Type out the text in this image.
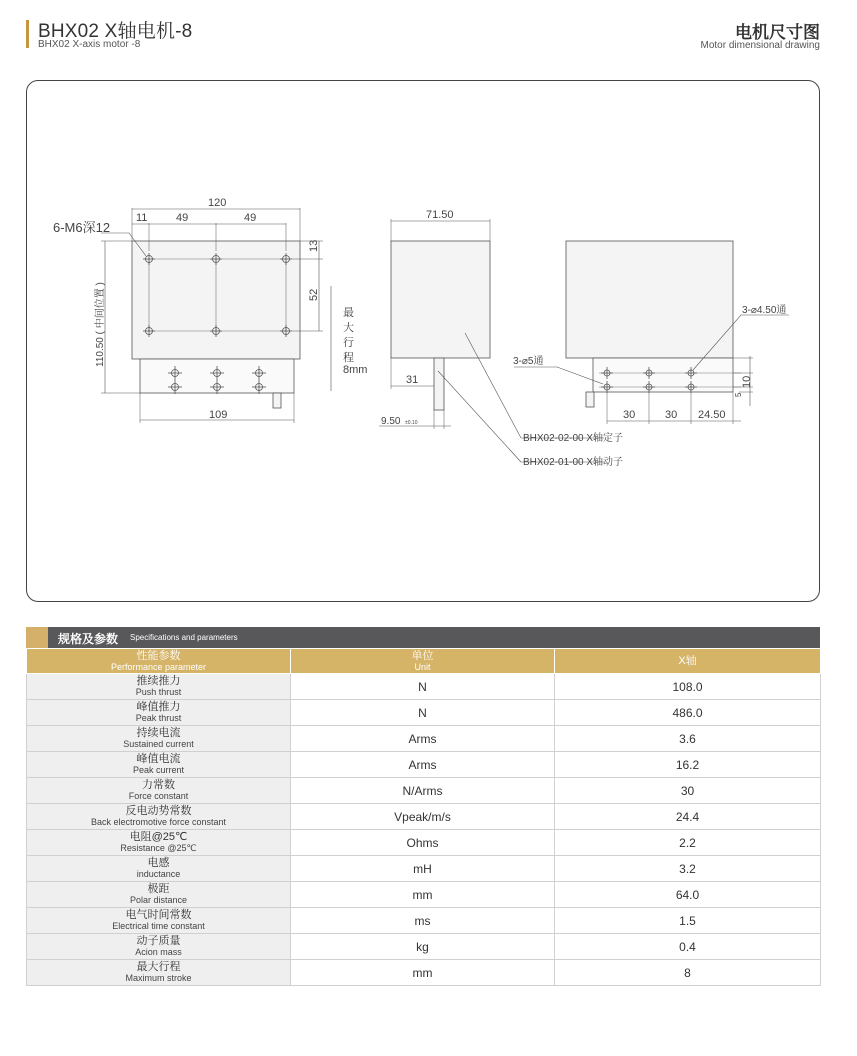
BHX02 X轴电机-8
BHX02 X-axis motor -8
电机尺寸图
Motor dimensional drawing
6-M6深12
120
11	49	49
13
52
110.50 ( 中间位置 )
109
最
大
行
程
8mm
71.50
31
9.50 ±0.10
BHX02-02-00 X轴定子
BHX02-01-00 X轴动子
3-⌀4.50通
3-⌀5通
10
5
30	30 24.50
规格及参数 Specifications and parameters
性能参数
Performance parameter	单位
Unit	X轴

推续推力
Push thrust	N	108.0

峰值推力
Peak thrust	N	486.0

持续电流
Sustained current	Arms	3.6

峰值电流
Peak current	Arms	16.2

力常数
Force constant	N/Arms	30

反电动势常数
Back electromotive force constant	Vpeak/m/s	24.4

电阻@25℃
Resistance @25℃	Ohms	2.2

电感
inductance	mH	3.2

极距
Polar distance	mm	64.0

电气时间常数
Electrical time constant	ms	1.5

动子质量
Acion mass	kg	0.4

最大行程
Maximum stroke	mm	8
